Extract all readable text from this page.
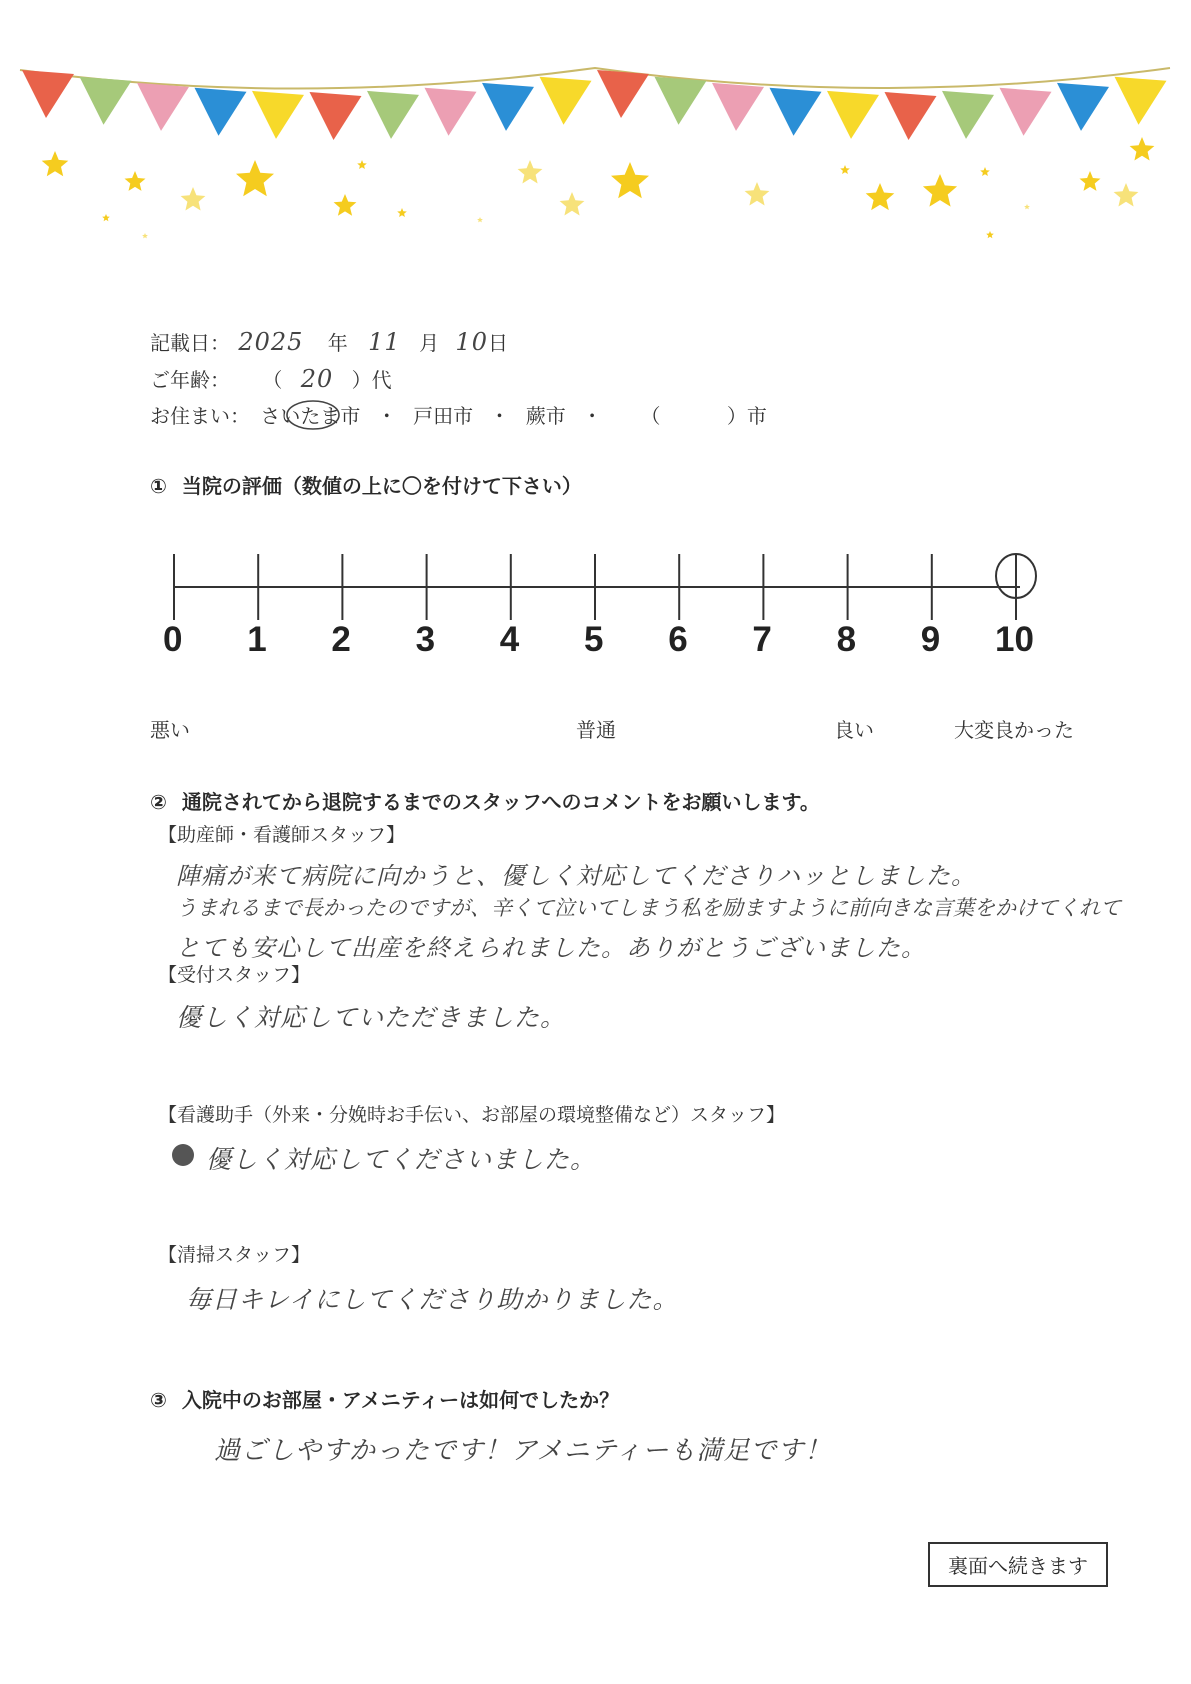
記載日： 2025 年 11 月 10日
ご年齢： （ 20 ）代
お住まい： さいたま市 ・ 戸田市 ・ 蕨市 ・ （	）市
① 当院の評価（数値の上に〇を付けて下さい）
0 1 2 3 4 5 6 7 8 9 10
悪い	普通	良い	大変良かった
② 通院されてから退院するまでのスタッフへのコメントをお願いします。
【助産師・看護師スタッフ】
陣痛が来て病院に向かうと、優しく対応してくださりハッとしました。
うまれるまで長かったのですが、辛くて泣いてしまう私を励ますように前向きな言葉をかけてくれて
とても安心して出産を終えられました。ありがとうございました。
【受付スタッフ】
優しく対応していただきました。
【看護助手（外来・分娩時お手伝い、お部屋の環境整備など）スタッフ】
優しく対応してくださいました。
【清掃スタッフ】
毎日キレイにしてくださり助かりました。
③ 入院中のお部屋・アメニティーは如何でしたか？
過ごしやすかったです！アメニティーも満足です！
裏面へ続きます
